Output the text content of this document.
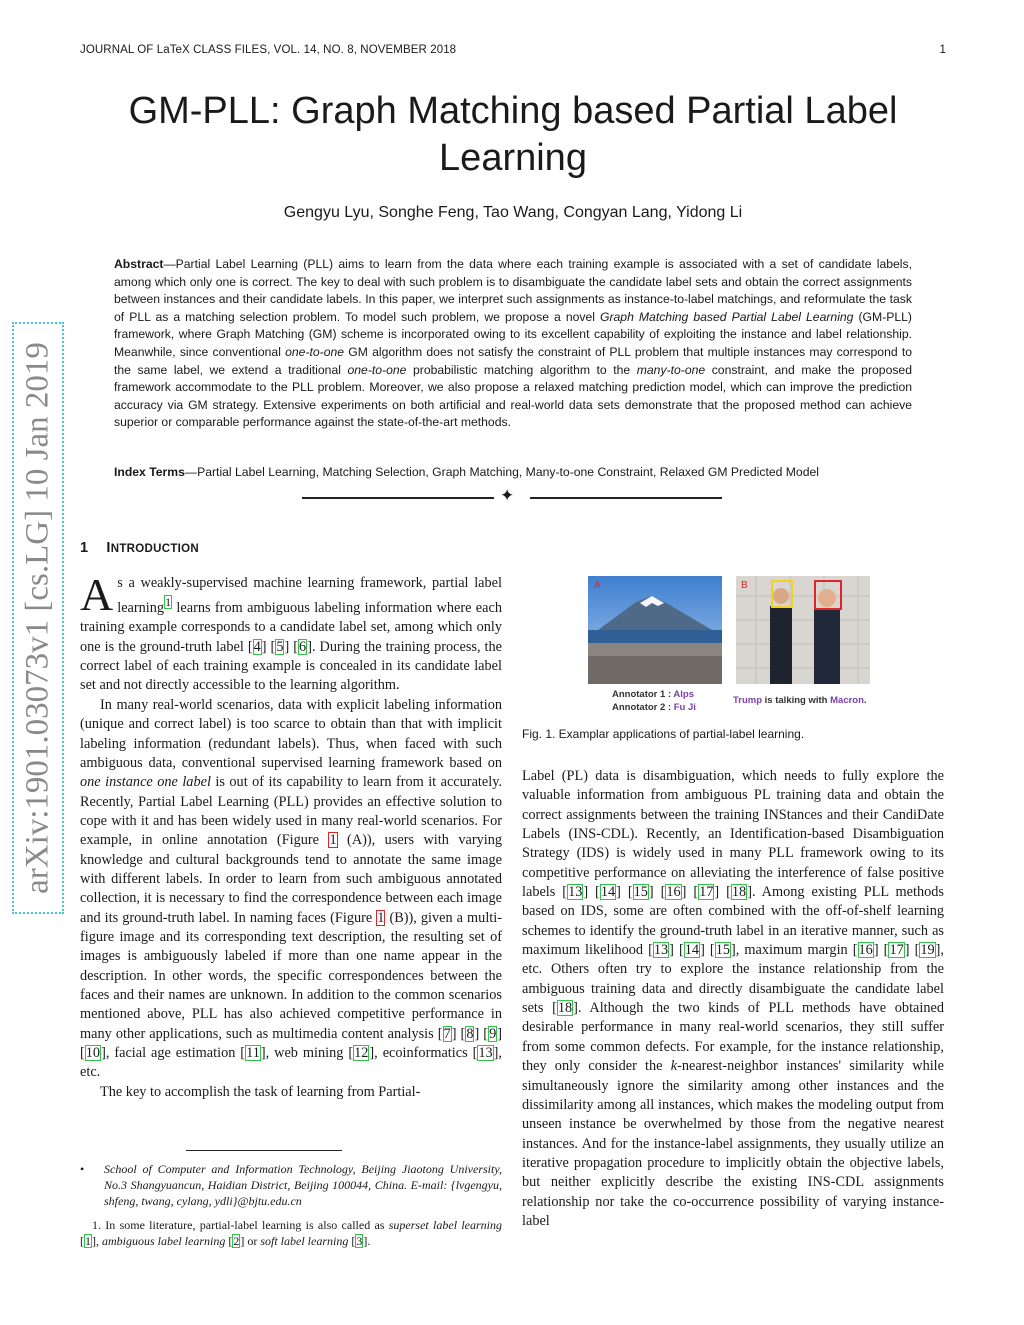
JOURNAL OF LaTeX CLASS FILES, VOL. 14, NO. 8, NOVEMBER 2018	1
GM-PLL: Graph Matching based Partial Label Learning
Gengyu Lyu, Songhe Feng, Tao Wang, Congyan Lang, Yidong Li
Abstract—Partial Label Learning (PLL) aims to learn from the data where each training example is associated with a set of candidate labels, among which only one is correct. The key to deal with such problem is to disambiguate the candidate label sets and obtain the correct assignments between instances and their candidate labels. In this paper, we interpret such assignments as instance-to-label matchings, and reformulate the task of PLL as a matching selection problem. To model such problem, we propose a novel Graph Matching based Partial Label Learning (GM-PLL) framework, where Graph Matching (GM) scheme is incorporated owing to its excellent capability of exploiting the instance and label relationship. Meanwhile, since conventional one-to-one GM algorithm does not satisfy the constraint of PLL problem that multiple instances may correspond to the same label, we extend a traditional one-to-one probabilistic matching algorithm to the many-to-one constraint, and make the proposed framework accommodate to the PLL problem. Moreover, we also propose a relaxed matching prediction model, which can improve the prediction accuracy via GM strategy. Extensive experiments on both artificial and real-world data sets demonstrate that the proposed method can achieve superior or comparable performance against the state-of-the-art methods.
Index Terms—Partial Label Learning, Matching Selection, Graph Matching, Many-to-one Constraint, Relaxed GM Predicted Model
✦
arXiv:1901.03073v1 [cs.LG] 10 Jan 2019 1 INTRODUCTION

As a weakly-supervised machine learning framework, partial label learning$^1$ learns from ambiguous labeling information where each training example corresponds to a candidate label set, among which only one is the ground-truth label [4] [5] [6]. During the training process, the correct label of each training example is concealed in its candidate label set and not directly accessible to the learning algorithm.

In many real-world scenarios, data with explicit labeling information (unique and correct label) is too scarce to obtain than that with implicit labeling information (redundant labels). Thus, when faced with such ambiguous data, conventional supervised learning framework based on one instance one label is out of its capability to learn from it accurately. Recently, Partial Label Learning (PLL) provides an effective solution to cope with it and has been widely used in many real-world scenarios. For example, in online annotation (Figure 1 (A)), users with varying knowledge and cultural backgrounds tend to annotate the same image with different labels. In order to learn from such ambiguous annotated collection, it is necessary to find the correspondence between each image and its ground-truth label. In naming faces (Figure 1 (B)), given a multi-figure image and its corresponding text description, the resulting set of images is ambiguously labeled if more than one name appear in the description. In other words, the specific correspondences between the faces and their names are unknown. In addition to the common scenarios mentioned above, PLL has also achieved competitive performance in many other applications, such as multimedia content analysis [7] [8] [9] [10], facial age estimation [11], web mining [12], ecoinformatics [13], etc.

The key to accomplish the task of learning from Partial-

• School of Computer and Information Technology, Beijing Jiaotong University, No.3 Shangyuancun, Haidian District, Beijing 100044, China. E-mail: {lvgengyu, shfeng, twang, cylang, ydli}@bjtu.edu.cn
1. In some literature, partial-label learning is also called as superset label learning [1], ambiguous label learning [2] or soft label learning [3].
A	B
Annotator 1 : Alps
Annotator 2 : Fu Ji
Trump is talking with Macron.
Fig. 1. Examplar applications of partial-label learning.

Label (PL) data is disambiguation, which needs to fully explore the valuable information from ambiguous PL training data and obtain the correct assignments between the training INStances and their CandiDate Labels (INS-CDL). Recently, an Identification-based Disambiguation Strategy (IDS) is widely used in many PLL framework owing to its competitive performance on alleviating the interference of false positive labels [13] [14] [15] [16] [17] [18]. Among existing PLL methods based on IDS, some are often combined with the off-of-shelf learning schemes to identify the ground-truth label in an iterative manner, such as maximum likelihood [13] [14] [15], maximum margin [16] [17] [19], etc. Others often try to explore the instance relationship from the ambiguous training data and directly disambiguate the candidate label sets [18]. Although the two kinds of PLL methods have obtained desirable performance in many real-world scenarios, they still suffer from some common defects. For example, for the instance relationship, they only consider the k-nearest-neighbor instances' similarity while simultaneously ignore the similarity among other instances and the dissimilarity among all instances, which makes the modeling output from unseen instance be overwhelmed by those from the negative nearest instances. And for the instance-label assignments, they usually utilize an iterative propagation procedure to implicitly obtain the objective labels, but neither explicitly describe the existing INS-CDL assignments relationship nor take the co-occurrence possibility of varying instance-label
